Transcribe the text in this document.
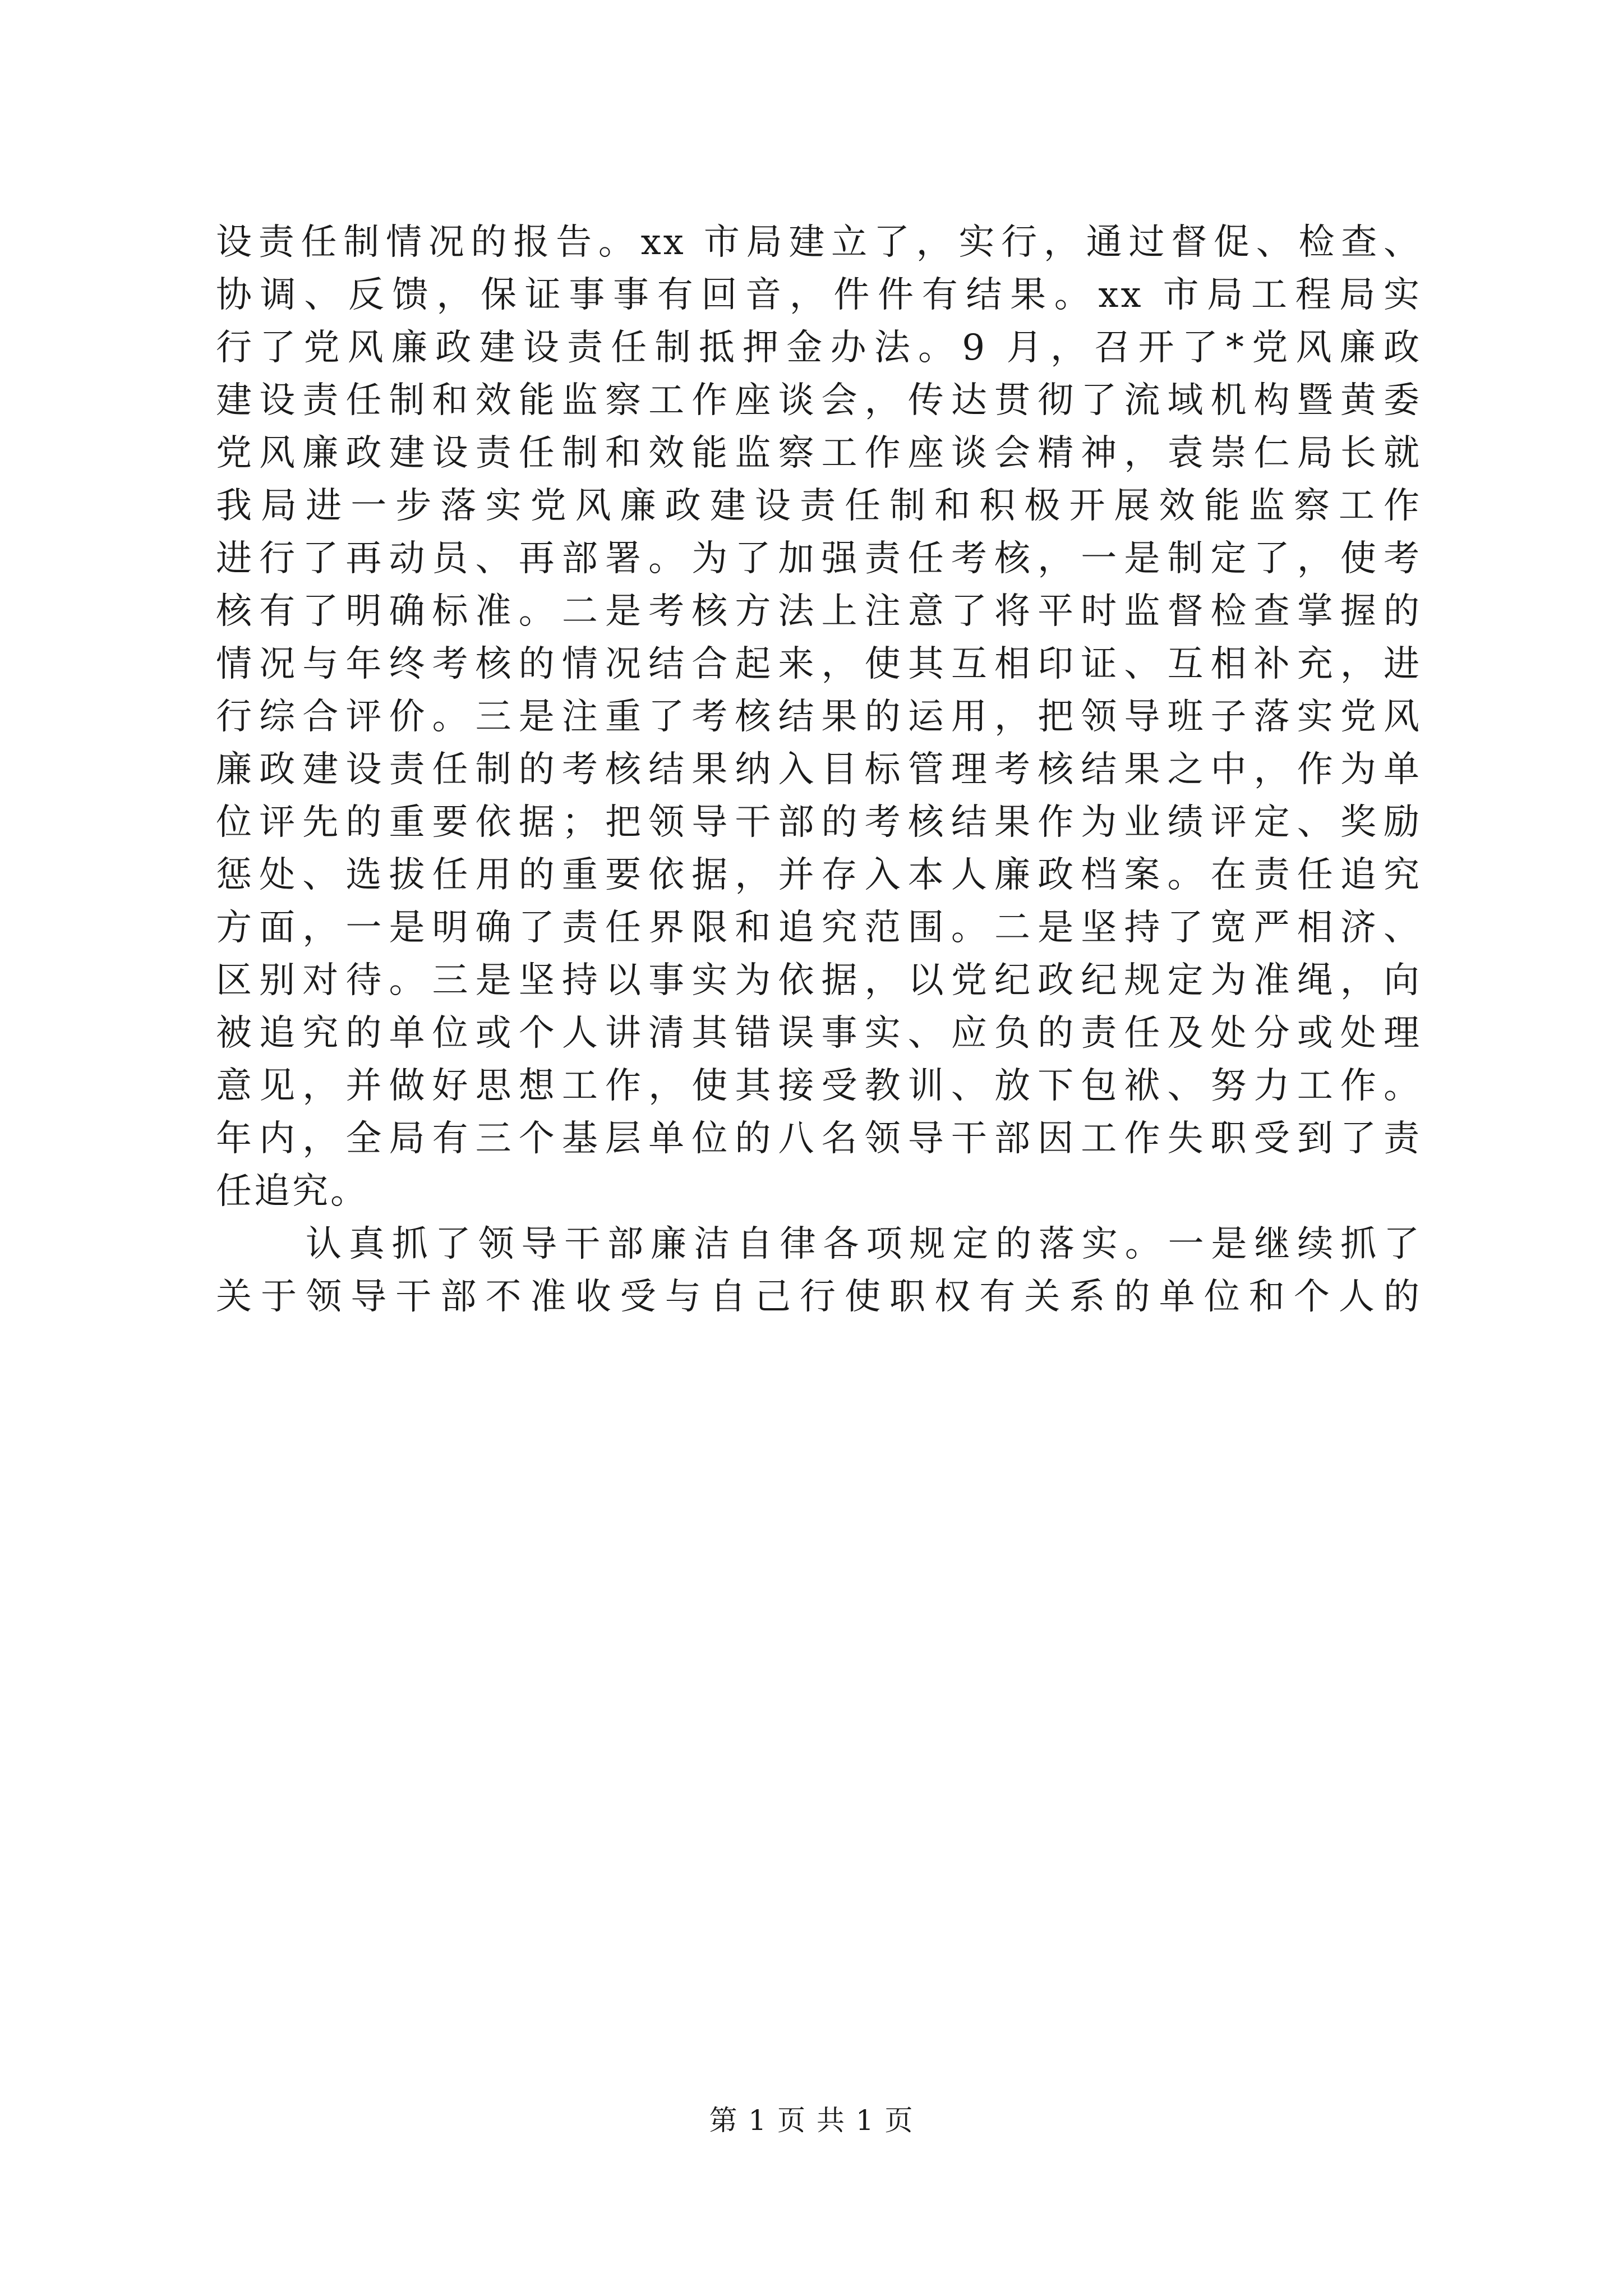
设责任制情况的报告。xx 市局建立了，实行，通过督促、检查、
协调、反馈，保证事事有回音，件件有结果。xx 市局工程局实
行了党风廉政建设责任制抵押金办法。9 月，召开了*党风廉政
建设责任制和效能监察工作座谈会，传达贯彻了流域机构暨黄委
党风廉政建设责任制和效能监察工作座谈会精神，袁崇仁局长就
我局进一步落实党风廉政建设责任制和积极开展效能监察工作
进行了再动员、再部署。为了加强责任考核，一是制定了，使考
核有了明确标准。二是考核方法上注意了将平时监督检查掌握的
情况与年终考核的情况结合起来，使其互相印证、互相补充，进
行综合评价。三是注重了考核结果的运用，把领导班子落实党风
廉政建设责任制的考核结果纳入目标管理考核结果之中，作为单
位评先的重要依据；把领导干部的考核结果作为业绩评定、奖励
惩处、选拔任用的重要依据，并存入本人廉政档案。在责任追究
方面，一是明确了责任界限和追究范围。二是坚持了宽严相济、
区别对待。三是坚持以事实为依据，以党纪政纪规定为准绳，向
被追究的单位或个人讲清其错误事实、应负的责任及处分或处理
意见，并做好思想工作，使其接受教训、放下包袱、努力工作。
年内，全局有三个基层单位的八名领导干部因工作失职受到了责
任追究。
认真抓了领导干部廉洁自律各项规定的落实。一是继续抓了
关于领导干部不准收受与自己行使职权有关系的单位和个人的
第 1 页 共 1 页
